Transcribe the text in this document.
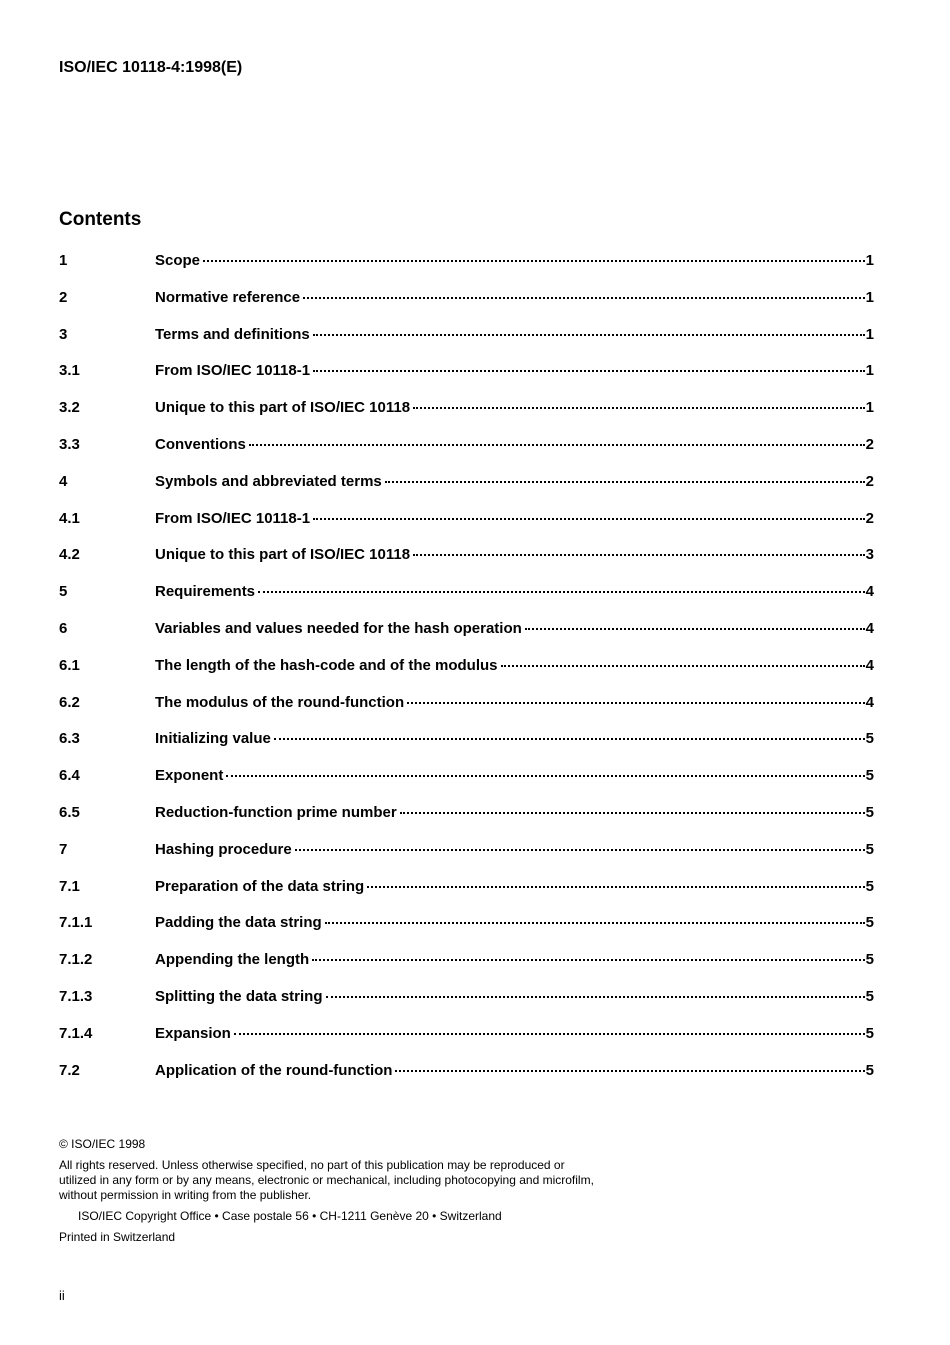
ISO/IEC 10118-4:1998(E)
Contents
1	Scope	1
2	Normative reference	1
3	Terms and definitions	1
3.1	From ISO/IEC 10118-1	1
3.2	Unique to this part of ISO/IEC 10118	1
3.3	Conventions	2
4	Symbols and abbreviated terms	2
4.1	From ISO/IEC 10118-1	2
4.2	Unique to this part of ISO/IEC 10118	3
5	Requirements	4
6	Variables and values needed for the hash operation	4
6.1	The length of the hash-code and of the modulus	4
6.2	The modulus of the round-function	4
6.3	Initializing value	5
6.4	Exponent	5
6.5	Reduction-function prime number	5
7	Hashing procedure	5
7.1	Preparation of the data string	5
7.1.1	Padding the data string	5
7.1.2	Appending the length	5
7.1.3	Splitting the data string	5
7.1.4	Expansion	5
7.2	Application of the round-function	5
© ISO/IEC 1998
All rights reserved. Unless otherwise specified, no part of this publication may be reproduced or utilized in any form or by any means, electronic or mechanical, including photocopying and microfilm, without permission in writing from the publisher.
ISO/IEC Copyright Office • Case postale 56 • CH-1211 Genève 20 • Switzerland
Printed in Switzerland
ii
